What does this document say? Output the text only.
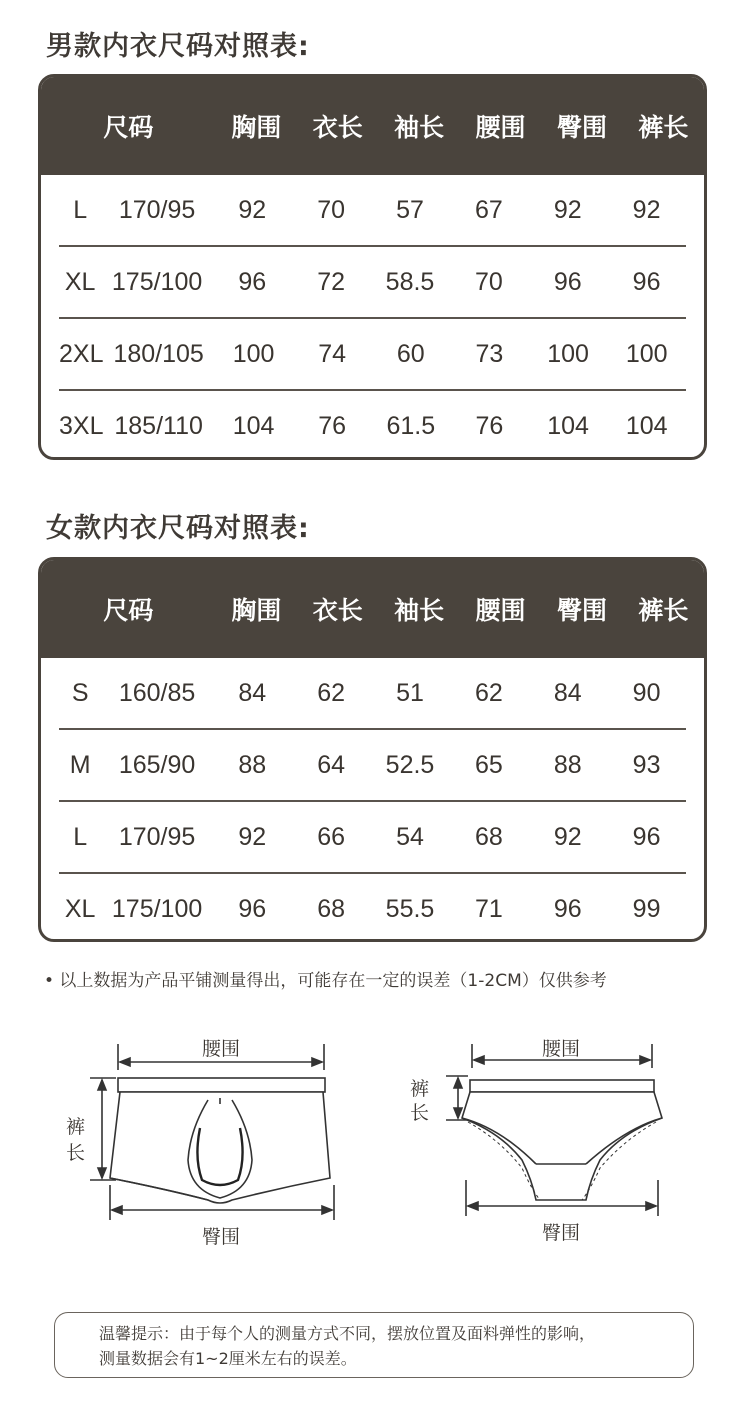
男款内衣尺码对照表:
尺码	胸围	衣长	袖长	腰围	臀围	裤长
L	170/95	92	70	57	67	92	92
XL 175/100	96	72	58.5	70	96	96
2XL 180/105	100	74	60	73	100	100
3XL 185/110	104	76	61.5	76	104	104
女款内衣尺码对照表:
尺码	胸围	衣长	袖长	腰围	臀围	裤长
S	160/85	84	62	51	62	84	90
M	165/90	88	64	52.5	65	88	93
L	170/95	92	66	54	68	92	96
XL 175/100	96	68	55.5	71	96	99
• 以上数据为产品平铺测量得出，可能存在一定的误差（1-2CM）仅供参考
腰围
臀围
裤
长
腰围
臀围
裤
长
温馨提示：由于每个人的测量方式不同，摆放位置及面料弹性的影响，
测量数据会有1~2厘米左右的误差。
